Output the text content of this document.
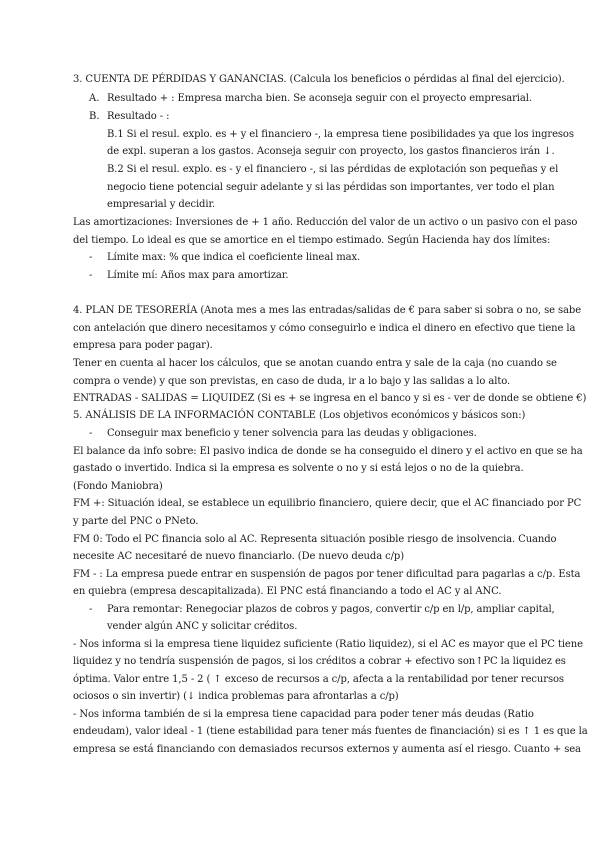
3. CUENTA DE PÉRDIDAS Y GANANCIAS. (Calcula los beneficios o pérdidas al final del ejercicio).
A. Resultado + : Empresa marcha bien. Se aconseja seguir con el proyecto empresarial.
B. Resultado - :
B.1 Si el resul. explo. es + y el financiero -, la empresa tiene posibilidades ya que los ingresos
de expl. superan a los gastos. Aconseja seguir con proyecto, los gastos financieros irán ↓.
B.2 Si el resul. explo. es - y el financiero -, si las pérdidas de explotación son pequeñas y el
negocio tiene potencial seguir adelante y si las pérdidas son importantes, ver todo el plan
empresarial y decidir.
Las amortizaciones: Inversiones de + 1 año. Reducción del valor de un activo o un pasivo con el paso
del tiempo. Lo ideal es que se amortice en el tiempo estimado. Según Hacienda hay dos límites:
- Límite max: % que indica el coeficiente lineal max.
- Límite mí: Años max para amortizar.
4. PLAN DE TESORERÍA (Anota mes a mes las entradas/salidas de € para saber si sobra o no, se sabe
con antelación que dinero necesitamos y cómo conseguirlo e indica el dinero en efectivo que tiene la
empresa para poder pagar).
Tener en cuenta al hacer los cálculos, que se anotan cuando entra y sale de la caja (no cuando se
compra o vende) y que son previstas, en caso de duda, ir a lo bajo y las salidas a lo alto.
ENTRADAS - SALIDAS = LIQUIDEZ (Si es + se ingresa en el banco y si es - ver de donde se obtiene €)
5. ANÁLISIS DE LA INFORMACIÓN CONTABLE (Los objetivos económicos y básicos son:)
- Conseguir max beneficio y tener solvencia para las deudas y obligaciones.
El balance da info sobre: El pasivo indica de donde se ha conseguido el dinero y el activo en que se ha
gastado o invertido. Indica si la empresa es solvente o no y si está lejos o no de la quiebra.
(Fondo Maniobra)
FM +: Situación ideal, se establece un equilibrio financiero, quiere decir, que el AC financiado por PC
y parte del PNC o PNeto.
FM 0: Todo el PC financia solo al AC. Representa situación posible riesgo de insolvencia. Cuando
necesite AC necesitaré de nuevo financiarlo. (De nuevo deuda c/p)
FM - : La empresa puede entrar en suspensión de pagos por tener dificultad para pagarlas a c/p. Esta
en quiebra (empresa descapitalizada). El PNC está financiando a todo el AC y al ANC.
- Para remontar: Renegociar plazos de cobros y pagos, convertir c/p en l/p, ampliar capital,
vender algún ANC y solicitar créditos.
- Nos informa si la empresa tiene liquidez suficiente (Ratio liquidez), si el AC es mayor que el PC tiene
liquidez y no tendría suspensión de pagos, si los créditos a cobrar + efectivo son↑PC la liquidez es
óptima. Valor entre 1,5 - 2 ( ↑ exceso de recursos a c/p, afecta a la rentabilidad por tener recursos
ociosos o sin invertir) (↓ indica problemas para afrontarlas a c/p)
- Nos informa también de si la empresa tiene capacidad para poder tener más deudas (Ratio
endeudam), valor ideal - 1 (tiene estabilidad para tener más fuentes de financiación) si es ↑ 1 es que la
empresa se está financiando con demasiados recursos externos y aumenta así el riesgo. Cuanto + sea
